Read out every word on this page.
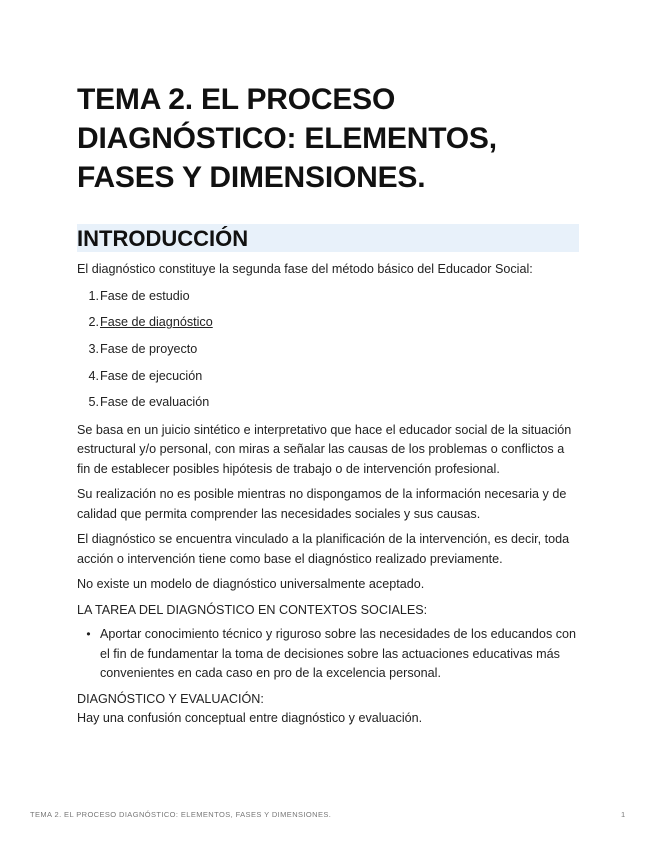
TEMA 2. EL PROCESO DIAGNÓSTICO: ELEMENTOS, FASES Y DIMENSIONES.
INTRODUCCIÓN

El diagnóstico constituye la segunda fase del método básico del Educador Social:

1. Fase de estudio
2. Fase de diagnóstico
3. Fase de proyecto
4. Fase de ejecución
5. Fase de evaluación

Se basa en un juicio sintético e interpretativo que hace el educador social de la situación estructural y/o personal, con miras a señalar las causas de los problemas o conflictos a fin de establecer posibles hipótesis de trabajo o de intervención profesional.

Su realización no es posible mientras no dispongamos de la información necesaria y de calidad que permita comprender las necesidades sociales y sus causas.

El diagnóstico se encuentra vinculado a la planificación de la intervención, es decir, toda acción o intervención tiene como base el diagnóstico realizado previamente.

No existe un modelo de diagnóstico universalmente aceptado.

LA TAREA DEL DIAGNÓSTICO EN CONTEXTOS SOCIALES:
• Aportar conocimiento técnico y riguroso sobre las necesidades de los educandos con el fin de fundamentar la toma de decisiones sobre las actuaciones educativas más convenientes en cada caso en pro de la excelencia personal.
DIAGNÓSTICO Y EVALUACIÓN:

Hay una confusión conceptual entre diagnóstico y evaluación.

TEMA 2. EL PROCESO DIAGNÓSTICO: ELEMENTOS, FASES Y DIMENSIONES.	1
